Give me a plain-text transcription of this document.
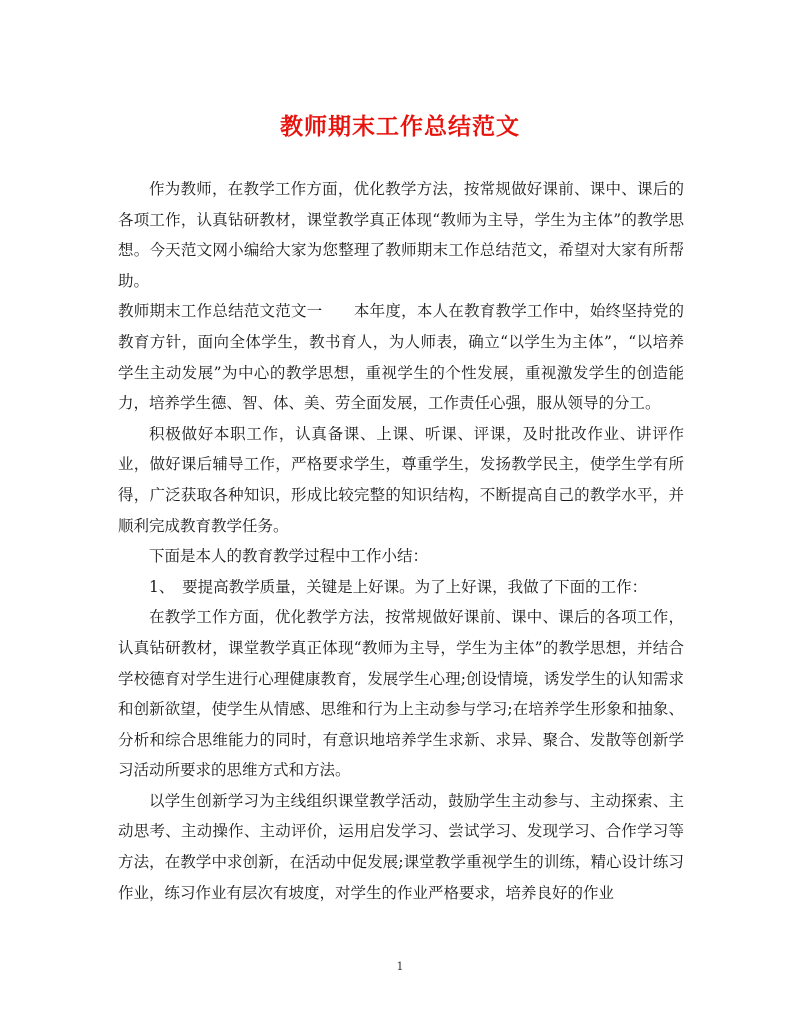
教师期末工作总结范文

作为教师，在教学工作方面，优化教学方法，按常规做好课前、课中、课后的各项工作，认真钻研教材，课堂教学真正体现“教师为主导，学生为主体”的教学思想。今天范文网小编给大家为您整理了教师期末工作总结范文，希望对大家有所帮助。

教师期末工作总结范文范文一　　本年度，本人在教育教学工作中，始终坚持党的教育方针，面向全体学生，教书育人，为人师表，确立“以学生为主体”，“以培养学生主动发展”为中心的教学思想，重视学生的个性发展，重视激发学生的创造能力，培养学生德、智、体、美、劳全面发展，工作责任心强，服从领导的分工。

积极做好本职工作，认真备课、上课、听课、评课，及时批改作业、讲评作业，做好课后辅导工作，严格要求学生，尊重学生，发扬教学民主，使学生学有所得，广泛获取各种知识，形成比较完整的知识结构，不断提高自己的教学水平，并顺利完成教育教学任务。

下面是本人的教育教学过程中工作小结：

1、　要提高教学质量，关键是上好课。为了上好课，我做了下面的工作：

在教学工作方面，优化教学方法，按常规做好课前、课中、课后的各项工作，认真钻研教材，课堂教学真正体现“教师为主导，学生为主体”的教学思想，并结合学校德育对学生进行心理健康教育，发展学生心理;创设情境，诱发学生的认知需求和创新欲望，使学生从情感、思维和行为上主动参与学习;在培养学生形象和抽象、分析和综合思维能力的同时，有意识地培养学生求新、求异、聚合、发散等创新学习活动所要求的思维方式和方法。

以学生创新学习为主线组织课堂教学活动，鼓励学生主动参与、主动探索、主动思考、主动操作、主动评价，运用启发学习、尝试学习、发现学习、合作学习等方法，在教学中求创新，在活动中促发展;课堂教学重视学生的训练，精心设计练习作业，练习作业有层次有坡度，对学生的作业严格要求，培养良好的作业

1
